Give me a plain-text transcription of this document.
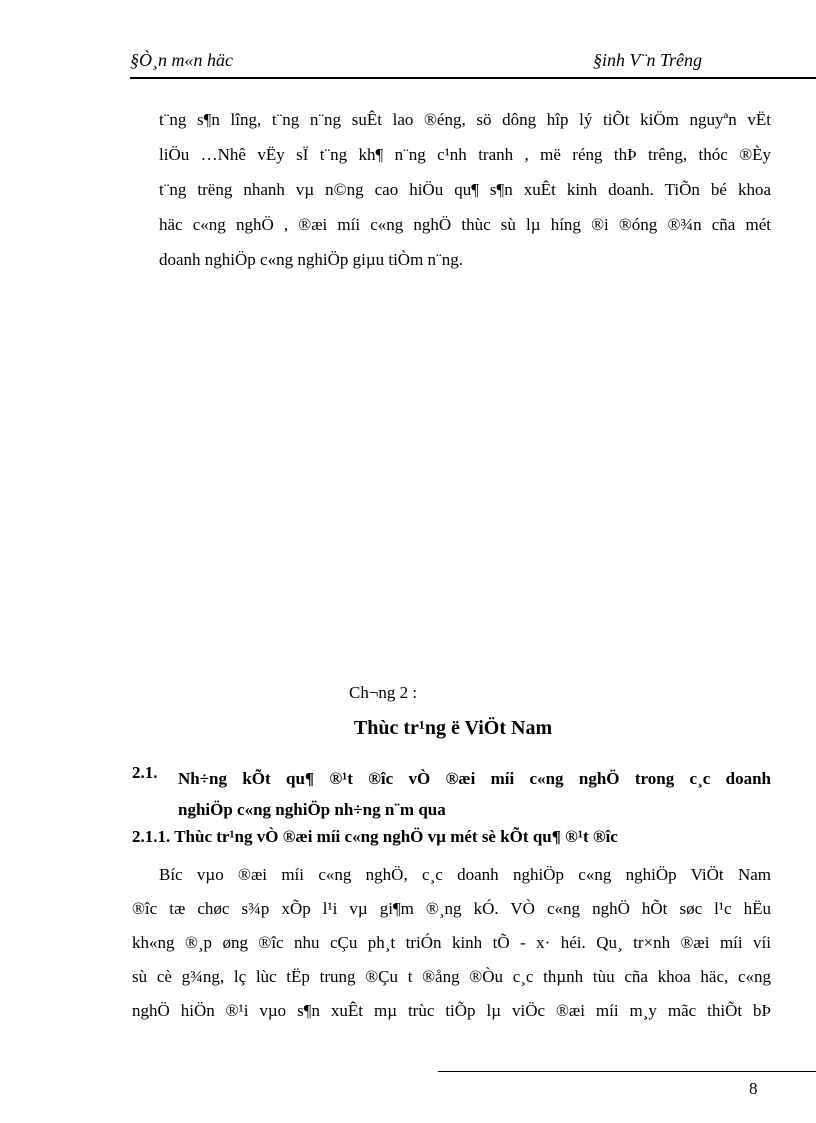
§Ò¸n m«n häc	§inh V¨n Trêng

t¨ng s¶n lîng, t¨ng n¨ng suÊt lao ®éng, sö dông hîp lý tiÕt kiÖm nguyªn vËt
liÖu …Nhê vËy sÏ t¨ng kh¶ n¨ng c¹nh tranh , më réng thÞ trêng, thóc ®Èy
t¨ng trëng nhanh vµ n©ng cao hiÖu qu¶ s¶n xuÊt kinh doanh. TiÕn bé khoa
häc c«ng nghÖ , ®æi míi c«ng nghÖ thùc sù lµ híng ®i ®óng ®¾n cña mét
doanh nghiÖp c«ng nghiÖp giµu tiÒm n¨ng.

Ch¬ng 2 :
Thùc tr¹ng ë ViÖt Nam
2.1. Nh÷ng kÕt qu¶ ®¹t ®îc vÒ ®æi míi c«ng nghÖ trong c¸c doanh
nghiÖp c«ng nghiÖp nh÷ng n¨m qua

2.1.1. Thùc tr¹ng vÒ ®æi míi c«ng nghÖ vµ mét sè kÕt qu¶ ®¹t ®îc
Bíc vµo ®æi míi c«ng nghÖ, c¸c doanh nghiÖp c«ng nghiÖp ViÖt Nam
®îc tæ chøc s¾p xÕp l¹i vµ gi¶m ®¸ng kÓ. VÒ c«ng nghÖ hÕt søc l¹c hËu
kh«ng ®¸p øng ®îc nhu cÇu ph¸t triÓn kinh tÕ - x· héi. Qu¸ tr×nh ®æi míi víi
sù cè g¾ng, lç lùc tËp trung ®Çu t ®ång ®Òu c¸c thµnh tùu cña khoa häc, c«ng
nghÖ hiÖn ®¹i vµo s¶n xuÊt mµ trùc tiÕp lµ viÖc ®æi míi m¸y mãc thiÕt bÞ
8
